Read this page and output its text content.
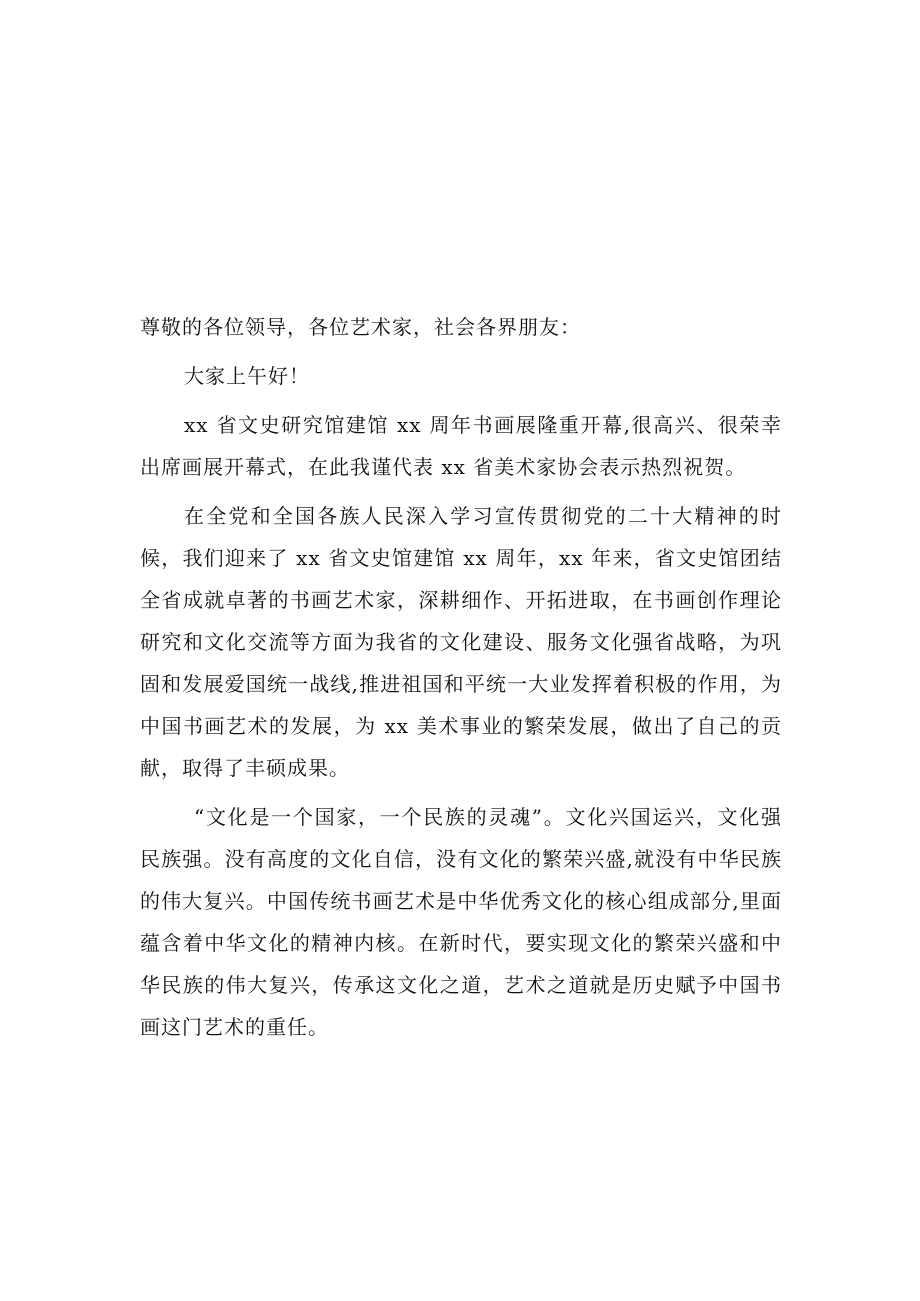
尊敬的各位领导，各位艺术家，社会各界朋友：

大家上午好！

xx 省文史研究馆建馆 xx 周年书画展隆重开幕,很高兴、很荣幸出席画展开幕式，在此我谨代表 xx 省美术家协会表示热烈祝贺。

在全党和全国各族人民深入学习宣传贯彻党的二十大精神的时候，我们迎来了 xx 省文史馆建馆 xx 周年，xx 年来，省文史馆团结全省成就卓著的书画艺术家，深耕细作、开拓进取，在书画创作理论研究和文化交流等方面为我省的文化建设、服务文化强省战略，为巩固和发展爱国统一战线,推进祖国和平统一大业发挥着积极的作用，为中国书画艺术的发展，为 xx 美术事业的繁荣发展，做出了自己的贡献，取得了丰硕成果。

“文化是一个国家，一个民族的灵魂”。文化兴国运兴，文化强民族强。没有高度的文化自信，没有文化的繁荣兴盛,就没有中华民族的伟大复兴。中国传统书画艺术是中华优秀文化的核心组成部分,里面蕴含着中华文化的精神内核。在新时代，要实现文化的繁荣兴盛和中华民族的伟大复兴，传承这文化之道，艺术之道就是历史赋予中国书画这门艺术的重任。
